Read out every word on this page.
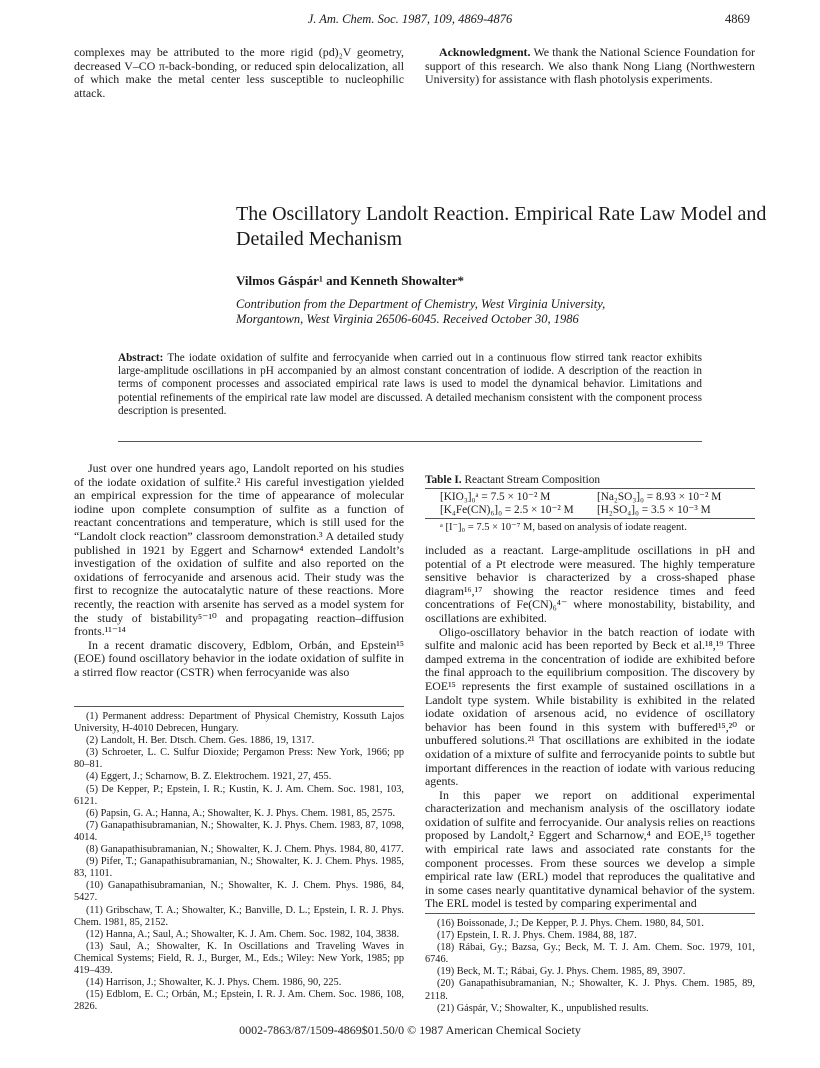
J. Am. Chem. Soc. 1987, 109, 4869-4876	4869

complexes may be attributed to the more rigid (pd)₂V geometry, decreased V–CO π-back-bonding, or reduced spin delocalization, all of which make the metal center less susceptible to nucleophilic attack.

Acknowledgment. We thank the National Science Foundation for support of this research. We also thank Nong Liang (Northwestern University) for assistance with flash photolysis experiments.

The Oscillatory Landolt Reaction. Empirical Rate Law Model and Detailed Mechanism
Vilmos Gáspár¹ and Kenneth Showalter*
Contribution from the Department of Chemistry, West Virginia University,
Morgantown, West Virginia 26506-6045. Received October 30, 1986
Abstract: The iodate oxidation of sulfite and ferrocyanide when carried out in a continuous flow stirred tank reactor exhibits large-amplitude oscillations in pH accompanied by an almost constant concentration of iodide. A description of the reaction in terms of component processes and associated empirical rate laws is used to model the dynamical behavior. Limitations and potential refinements of the empirical rate law model are discussed. A detailed mechanism consistent with the component process description is presented.

Just over one hundred years ago, Landolt reported on his studies of the iodate oxidation of sulfite.² His careful investigation yielded an empirical expression for the time of appearance of molecular iodine upon complete consumption of sulfite as a function of reactant concentrations and temperature, which is still used for the “Landolt clock reaction” classroom demonstration.³ A detailed study published in 1921 by Eggert and Scharnow⁴ extended Landolt’s investigation of the oxidation of sulfite and also reported on the oxidations of ferrocyanide and arsenous acid. Their study was the first to recognize the autocatalytic nature of these reactions. More recently, the reaction with arsenite has served as a model system for the study of bistability⁵⁻¹⁰ and propagating reaction–diffusion fronts.¹¹⁻¹⁴

In a recent dramatic discovery, Edblom, Orbán, and Epstein¹⁵ (EOE) found oscillatory behavior in the iodate oxidation of sulfite in a stirred flow reactor (CSTR) when ferrocyanide was also

(1) Permanent address: Department of Physical Chemistry, Kossuth Lajos University, H-4010 Debrecen, Hungary.

(2) Landolt, H. Ber. Dtsch. Chem. Ges. 1886, 19, 1317.

(3) Schroeter, L. C. Sulfur Dioxide; Pergamon Press: New York, 1966; pp 80–81.

(4) Eggert, J.; Scharnow, B. Z. Elektrochem. 1921, 27, 455.

(5) De Kepper, P.; Epstein, I. R.; Kustin, K. J. Am. Chem. Soc. 1981, 103, 6121.

(6) Papsin, G. A.; Hanna, A.; Showalter, K. J. Phys. Chem. 1981, 85, 2575.

(7) Ganapathisubramanian, N.; Showalter, K. J. Phys. Chem. 1983, 87, 1098, 4014.

(8) Ganapathisubramanian, N.; Showalter, K. J. Chem. Phys. 1984, 80, 4177.

(9) Pifer, T.; Ganapathisubramanian, N.; Showalter, K. J. Chem. Phys. 1985, 83, 1101.

(10) Ganapathisubramanian, N.; Showalter, K. J. Chem. Phys. 1986, 84, 5427.

(11) Gribschaw, T. A.; Showalter, K.; Banville, D. L.; Epstein, I. R. J. Phys. Chem. 1981, 85, 2152.

(12) Hanna, A.; Saul, A.; Showalter, K. J. Am. Chem. Soc. 1982, 104, 3838.

(13) Saul, A.; Showalter, K. In Oscillations and Traveling Waves in Chemical Systems; Field, R. J., Burger, M., Eds.; Wiley: New York, 1985; pp 419–439.

(14) Harrison, J.; Showalter, K. J. Phys. Chem. 1986, 90, 225.

(15) Edblom, E. C.; Orbán, M.; Epstein, I. R. J. Am. Chem. Soc. 1986, 108, 2826.

Table I. Reactant Stream Composition
[KIO₃]₀ᵃ = 7.5 × 10⁻² M	[Na₂SO₃]₀ = 8.93 × 10⁻² M
[K₄Fe(CN)₆]₀ = 2.5 × 10⁻² M [H₂SO₄]₀ = 3.5 × 10⁻³ M
ᵃ [I⁻]₀ = 7.5 × 10⁻⁷ M, based on analysis of iodate reagent.

included as a reactant. Large-amplitude oscillations in pH and potential of a Pt electrode were measured. The highly temperature sensitive behavior is characterized by a cross-shaped phase diagram¹⁶,¹⁷ showing the reactor residence times and feed concentrations of Fe(CN)₆⁴⁻ where monostability, bistability, and oscillations are exhibited.

Oligo-oscillatory behavior in the batch reaction of iodate with sulfite and malonic acid has been reported by Beck et al.¹⁸,¹⁹ Three damped extrema in the concentration of iodide are exhibited before the final approach to the equilibrium composition. The discovery by EOE¹⁵ represents the first example of sustained oscillations in a Landolt type system. While bistability is exhibited in the related iodate oxidation of arsenous acid, no evidence of oscillatory behavior has been found in this system with buffered¹⁵,²⁰ or unbuffered solutions.²¹ That oscillations are exhibited in the iodate oxidation of a mixture of sulfite and ferrocyanide points to subtle but important differences in the reaction of iodate with various reducing agents.

In this paper we report on additional experimental characterization and mechanism analysis of the oscillatory iodate oxidation of sulfite and ferrocyanide. Our analysis relies on reactions proposed by Landolt,² Eggert and Scharnow,⁴ and EOE,¹⁵ together with empirical rate laws and associated rate constants for the component processes. From these sources we develop a simple empirical rate law (ERL) model that reproduces the qualitative and in some cases nearly quantitative dynamical behavior of the system. The ERL model is tested by comparing experimental and

(16) Boissonade, J.; De Kepper, P. J. Phys. Chem. 1980, 84, 501.

(17) Epstein, I. R. J. Phys. Chem. 1984, 88, 187.

(18) Rábai, Gy.; Bazsa, Gy.; Beck, M. T. J. Am. Chem. Soc. 1979, 101, 6746.

(19) Beck, M. T.; Rábai, Gy. J. Phys. Chem. 1985, 89, 3907.

(20) Ganapathisubramanian, N.; Showalter, K. J. Phys. Chem. 1985, 89, 2118.

(21) Gáspár, V.; Showalter, K., unpublished results.

0002-7863/87/1509-4869$01.50/0 © 1987 American Chemical Society
